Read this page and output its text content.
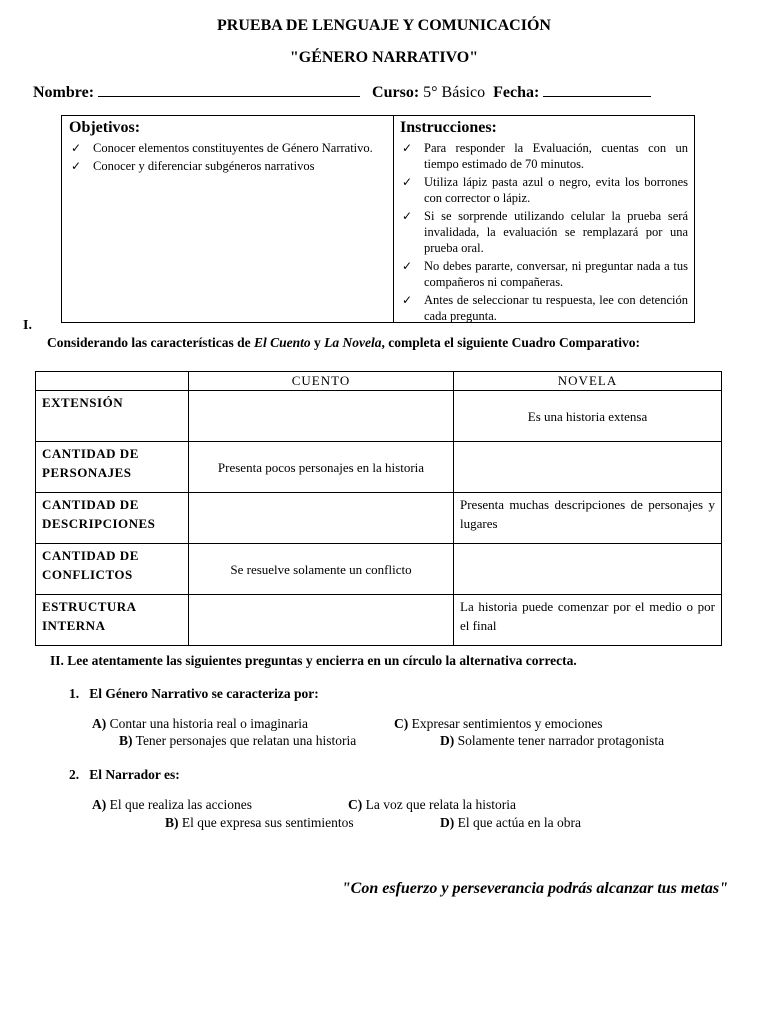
PRUEBA DE LENGUAJE Y COMUNICACIÓN
"GÉNERO NARRATIVO"
Nombre:	Curso: 5° Básico Fecha:
Objetivos:
✓ Conocer elementos constituyentes de Género Narrativo.
✓ Conocer y diferenciar subgéneros narrativos
Instrucciones:
✓ Para responder la Evaluación, cuentas con un tiempo estimado de 70 minutos.
✓ Utiliza lápiz pasta azul o negro, evita los borrones con corrector o lápiz.
✓ Si se sorprende utilizando celular la prueba será invalidada, la evaluación se remplazará por una prueba oral.
✓ No debes pararte, conversar, ni preguntar nada a tus compañeros ni compañeras.
✓ Antes de seleccionar tu respuesta, lee con detención cada pregunta.
I.
Considerando las características de El Cuento y La Novela, completa el siguiente Cuadro Comparativo:
	CUENTO	NOVELA

EXTENSIÓN		Es una historia extensa

CANTIDAD DE
PERSONAJES	Presenta pocos personajes en la historia	

CANTIDAD DE
DESCRIPCIONES		Presenta muchas descripciones de personajes y lugares

CANTIDAD DE
CONFLICTOS	Se resuelve solamente un conflicto	

ESTRUCTURA
INTERNA		La historia puede comenzar por el medio o por el final
II. Lee atentamente las siguientes preguntas y encierra en un círculo la alternativa correcta.
1. El Género Narrativo se caracteriza por:
A) Contar una historia real o imaginaria	C) Expresar sentimientos y emociones
B) Tener personajes que relatan una historia	D) Solamente tener narrador protagonista
2. El Narrador es:
A) El que realiza las acciones	C) La voz que relata la historia
B) El que expresa sus sentimientos	D) El que actúa en la obra
"Con esfuerzo y perseverancia podrás alcanzar tus metas"
